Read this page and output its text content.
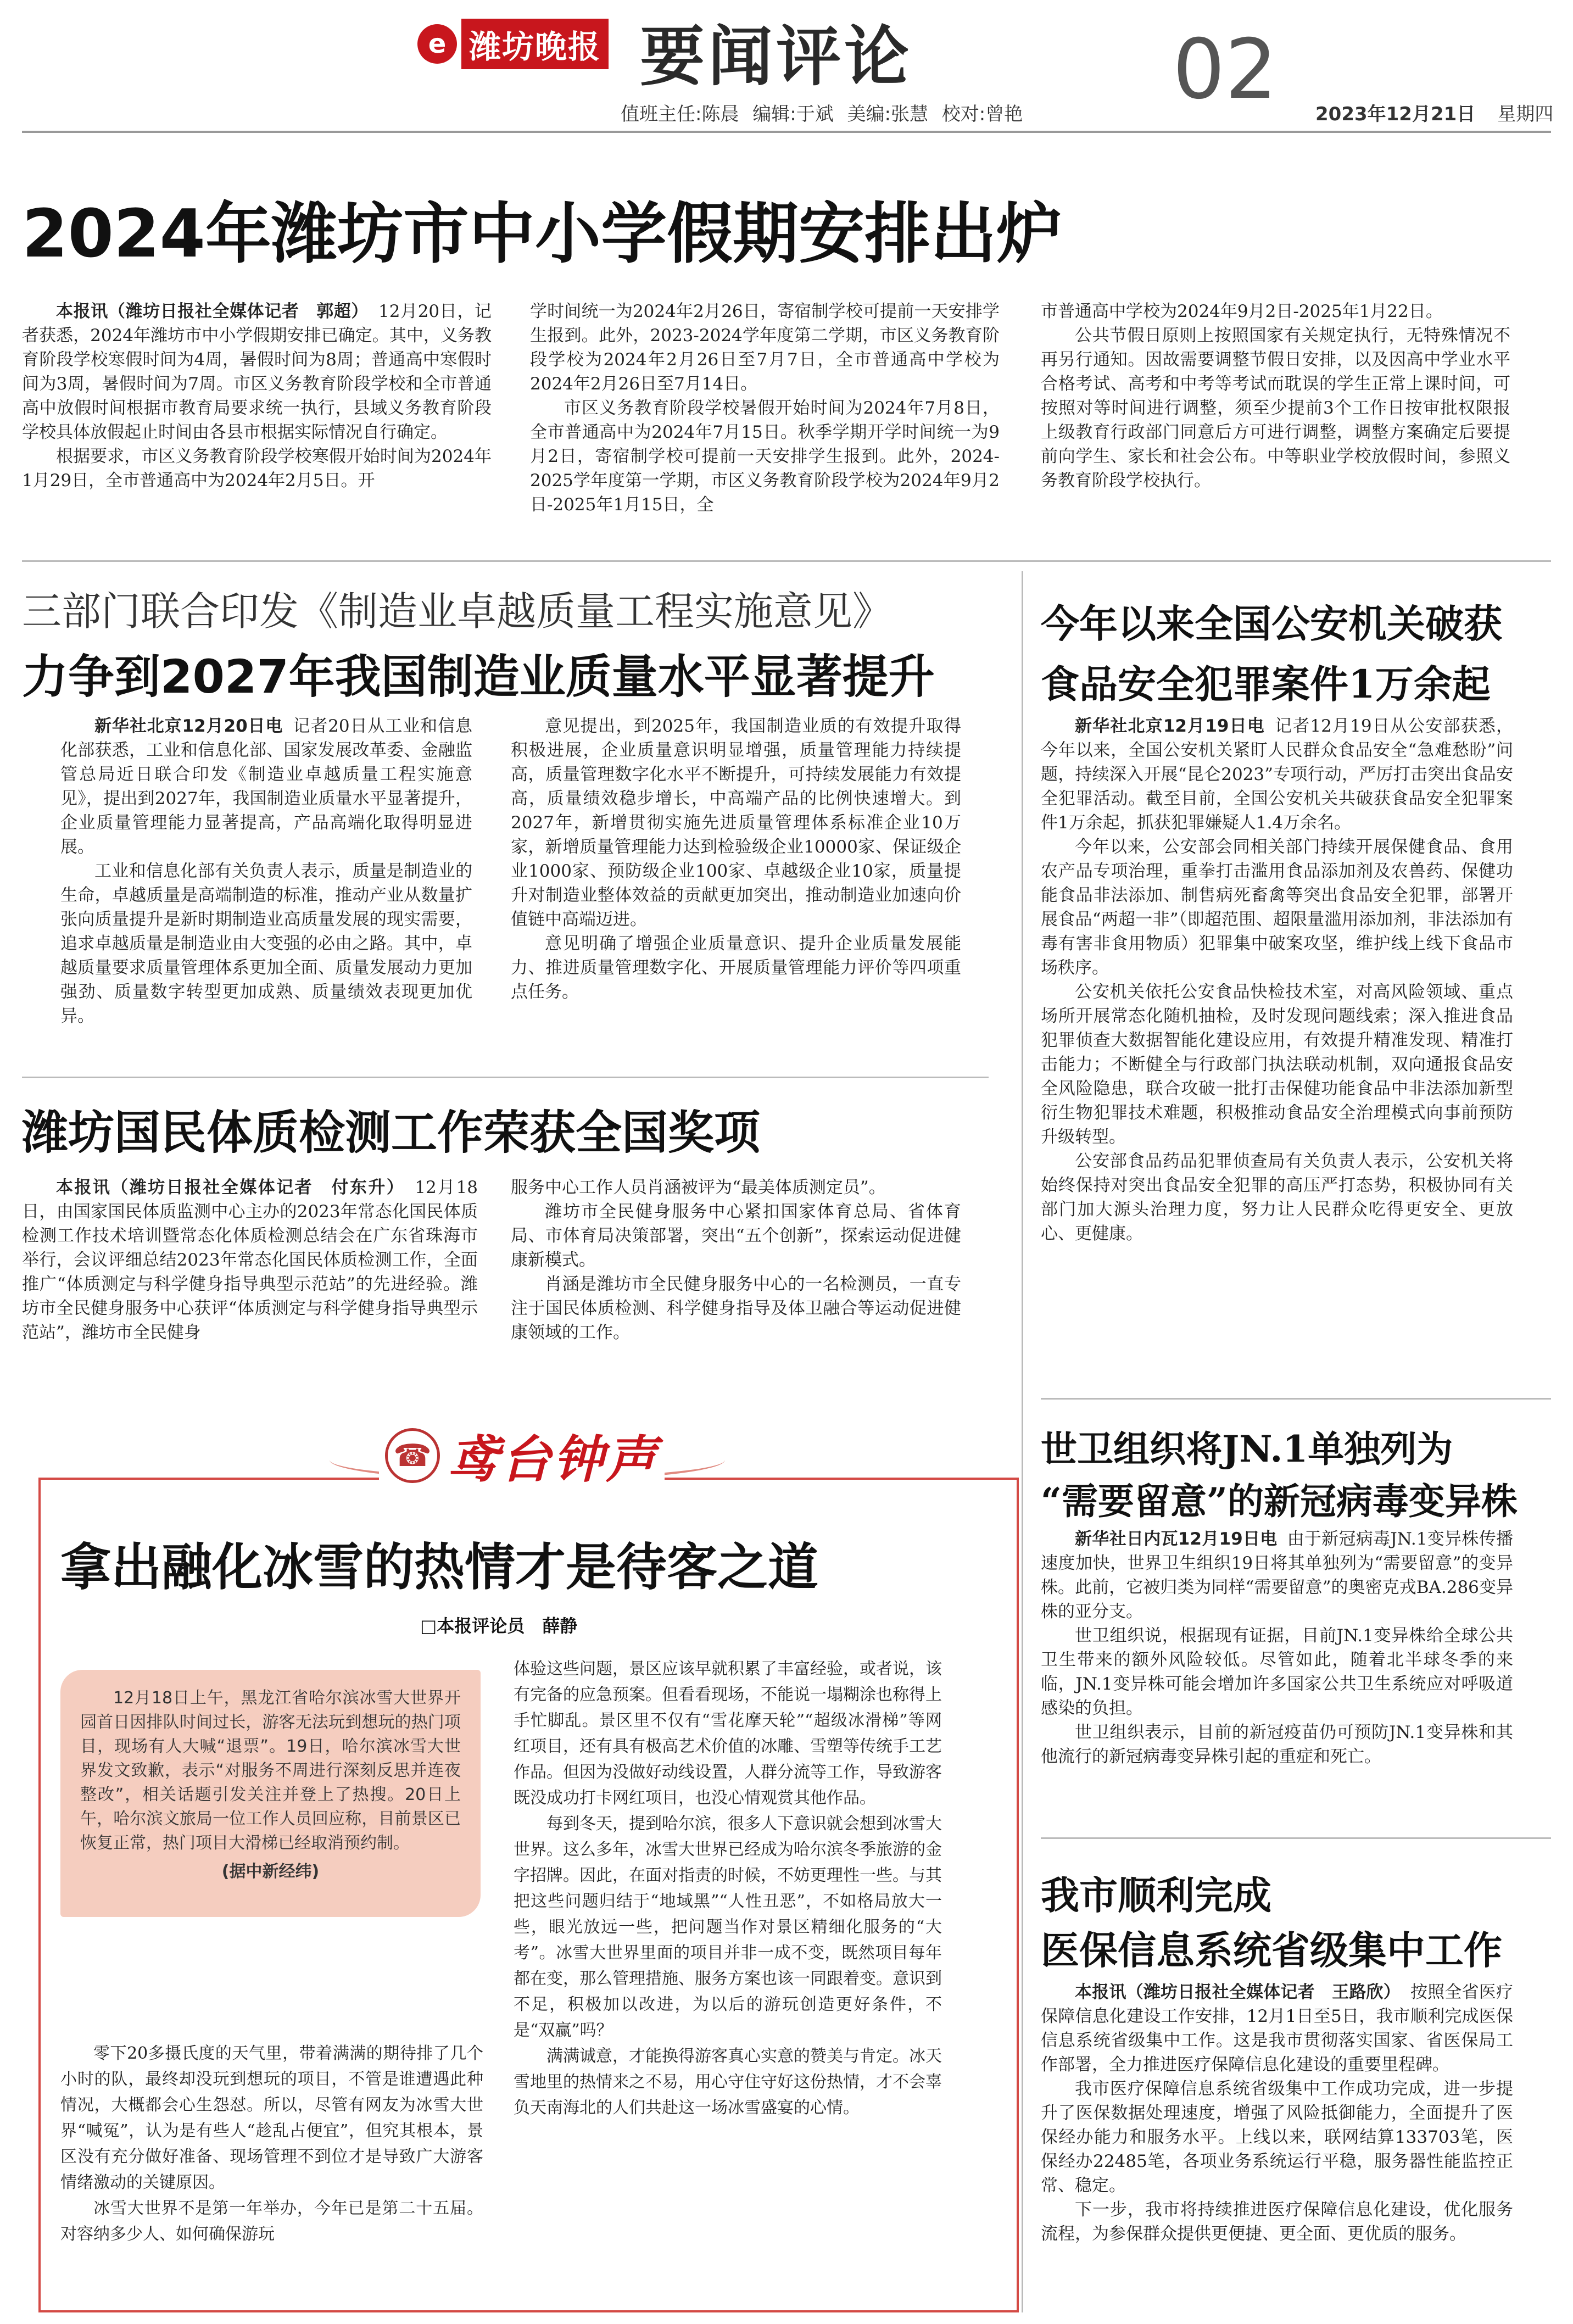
e 潍坊晚报 要闻评论	02
值班主任:陈晨 编辑:于斌 美编:张慧 校对:曾艳	2023年12月21日 星期四
2024年潍坊市中小学假期安排出炉

本报讯（潍坊日报社全媒体记者　郭超） 12月20日，记者获悉，2024年潍坊市中小学假期安排已确定。其中，义务教育阶段学校寒假时间为4周，暑假时间为8周；普通高中寒假时间为3周，暑假时间为7周。市区义务教育阶段学校和全市普通高中放假时间根据市教育局要求统一执行，县域义务教育阶段学校具体放假起止时间由各县市根据实际情况自行确定。

根据要求，市区义务教育阶段学校寒假开始时间为2024年1月29日，全市普通高中为2024年2月5日。开

学时间统一为2024年2月26日，寄宿制学校可提前一天安排学生报到。此外，2023-2024学年度第二学期，市区义务教育阶段学校为2024年2月26日至7月7日，全市普通高中学校为2024年2月26日至7月14日。

市区义务教育阶段学校暑假开始时间为2024年7月8日，全市普通高中为2024年7月15日。秋季学期开学时间统一为9月2日，寄宿制学校可提前一天安排学生报到。此外，2024-2025学年度第一学期，市区义务教育阶段学校为2024年9月2日-2025年1月15日，全

市普通高中学校为2024年9月2日-2025年1月22日。

公共节假日原则上按照国家有关规定执行，无特殊情况不再另行通知。因故需要调整节假日安排，以及因高中学业水平合格考试、高考和中考等考试而耽误的学生正常上课时间，可按照对等时间进行调整，须至少提前3个工作日按审批权限报上级教育行政部门同意后方可进行调整，调整方案确定后要提前向学生、家长和社会公布。中等职业学校放假时间，参照义务教育阶段学校执行。

三部门联合印发《制造业卓越质量工程实施意见》
力争到2027年我国制造业质量水平显著提升

新华社北京12月20日电 记者20日从工业和信息化部获悉，工业和信息化部、国家发展改革委、金融监管总局近日联合印发《制造业卓越质量工程实施意见》，提出到2027年，我国制造业质量水平显著提升，企业质量管理能力显著提高，产品高端化取得明显进展。

工业和信息化部有关负责人表示，质量是制造业的生命，卓越质量是高端制造的标准，推动产业从数量扩张向质量提升是新时期制造业高质量发展的现实需要，追求卓越质量是制造业由大变强的必由之路。其中，卓越质量要求质量管理体系更加全面、质量发展动力更加强劲、质量数字转型更加成熟、质量绩效表现更加优异。

意见提出，到2025年，我国制造业质的有效提升取得积极进展，企业质量意识明显增强，质量管理能力持续提高，质量管理数字化水平不断提升，可持续发展能力有效提高，质量绩效稳步增长，中高端产品的比例快速增大。到2027年，新增贯彻实施先进质量管理体系标准企业10万家，新增质量管理能力达到检验级企业10000家、保证级企业1000家、预防级企业100家、卓越级企业10家，质量提升对制造业整体效益的贡献更加突出，推动制造业加速向价值链中高端迈进。

意见明确了增强企业质量意识、提升企业质量发展能力、推进质量管理数字化、开展质量管理能力评价等四项重点任务。

潍坊国民体质检测工作荣获全国奖项

本报讯（潍坊日报社全媒体记者　付东升） 12月18日，由国家国民体质监测中心主办的2023年常态化国民体质检测工作技术培训暨常态化体质检测总结会在广东省珠海市举行，会议评细总结2023年常态化国民体质检测工作，全面推广“体质测定与科学健身指导典型示范站”的先进经验。潍坊市全民健身服务中心获评“体质测定与科学健身指导典型示范站”，潍坊市全民健身

服务中心工作人员肖涵被评为“最美体质测定员”。

潍坊市全民健身服务中心紧扣国家体育总局、省体育局、市体育局决策部署，突出“五个创新”，探索运动促进健康新模式。

肖涵是潍坊市全民健身服务中心的一名检测员，一直专注于国民体质检测、科学健身指导及体卫融合等运动促进健康领域的工作。

今年以来全国公安机关破获
食品安全犯罪案件1万余起

新华社北京12月19日电 记者12月19日从公安部获悉，今年以来，全国公安机关紧盯人民群众食品安全“急难愁盼”问题，持续深入开展“昆仑2023”专项行动，严厉打击突出食品安全犯罪活动。截至目前，全国公安机关共破获食品安全犯罪案件1万余起，抓获犯罪嫌疑人1.4万余名。

今年以来，公安部会同相关部门持续开展保健食品、食用农产品专项治理，重拳打击滥用食品添加剂及农兽药、保健功能食品非法添加、制售病死畜禽等突出食品安全犯罪，部署开展食品“两超一非”（即超范围、超限量滥用添加剂，非法添加有毒有害非食用物质）犯罪集中破案攻坚，维护线上线下食品市场秩序。

公安机关依托公安食品快检技术室，对高风险领域、重点场所开展常态化随机抽检，及时发现问题线索；深入推进食品犯罪侦查大数据智能化建设应用，有效提升精准发现、精准打击能力；不断健全与行政部门执法联动机制，双向通报食品安全风险隐患，联合攻破一批打击保健功能食品中非法添加新型衍生物犯罪技术难题，积极推动食品安全治理模式向事前预防升级转型。

公安部食品药品犯罪侦查局有关负责人表示，公安机关将始终保持对突出食品安全犯罪的高压严打态势，积极协同有关部门加大源头治理力度，努力让人民群众吃得更安全、更放心、更健康。

世卫组织将JN.1单独列为
“需要留意”的新冠病毒变异株

新华社日内瓦12月19日电 由于新冠病毒JN.1变异株传播速度加快，世界卫生组织19日将其单独列为“需要留意”的变异株。此前，它被归类为同样“需要留意”的奥密克戎BA.286变异株的亚分支。

世卫组织说，根据现有证据，目前JN.1变异株给全球公共卫生带来的额外风险较低。尽管如此，随着北半球冬季的来临，JN.1变异株可能会增加许多国家公共卫生系统应对呼吸道感染的负担。

世卫组织表示，目前的新冠疫苗仍可预防JN.1变异株和其他流行的新冠病毒变异株引起的重症和死亡。

我市顺利完成
医保信息系统省级集中工作

本报讯（潍坊日报社全媒体记者　王路欣） 按照全省医疗保障信息化建设工作安排，12月1日至5日，我市顺利完成医保信息系统省级集中工作。这是我市贯彻落实国家、省医保局工作部署，全力推进医疗保障信息化建设的重要里程碑。

我市医疗保障信息系统省级集中工作成功完成，进一步提升了医保数据处理速度，增强了风险抵御能力，全面提升了医保经办能力和服务水平。上线以来，联网结算133703笔，医保经办22485笔，各项业务系统运行平稳，服务器性能监控正常、稳定。

下一步，我市将持续推进医疗保障信息化建设，优化服务流程，为参保群众提供更便捷、更全面、更优质的服务。

☎ 鸢台钟声
拿出融化冰雪的热情才是待客之道
□本报评论员　薛静

12月18日上午，黑龙江省哈尔滨冰雪大世界开园首日因排队时间过长，游客无法玩到想玩的热门项目，现场有人大喊“退票”。19日，哈尔滨冰雪大世界发文致歉，表示“对服务不周进行深刻反思并连夜整改”，相关话题引发关注并登上了热搜。20日上午，哈尔滨文旅局一位工作人员回应称，目前景区已恢复正常，热门项目大滑梯已经取消预约制。

(据中新经纬)

零下20多摄氏度的天气里，带着满满的期待排了几个小时的队，最终却没玩到想玩的项目，不管是谁遭遇此种情况，大概都会心生怨怼。所以，尽管有网友为冰雪大世界“喊冤”，认为是有些人“趁乱占便宜”，但究其根本，景区没有充分做好准备、现场管理不到位才是导致广大游客情绪激动的关键原因。

冰雪大世界不是第一年举办，今年已是第二十五届。对容纳多少人、如何确保游玩

体验这些问题，景区应该早就积累了丰富经验，或者说，该有完备的应急预案。但看看现场，不能说一塌糊涂也称得上手忙脚乱。景区里不仅有“雪花摩天轮”“超级冰滑梯”等网红项目，还有具有极高艺术价值的冰雕、雪塑等传统手工艺作品。但因为没做好动线设置，人群分流等工作，导致游客既没成功打卡网红项目，也没心情观赏其他作品。

每到冬天，提到哈尔滨，很多人下意识就会想到冰雪大世界。这么多年，冰雪大世界已经成为哈尔滨冬季旅游的金字招牌。因此，在面对指责的时候，不妨更理性一些。与其把这些问题归结于“地域黑”“人性丑恶”，不如格局放大一些，眼光放远一些，把问题当作对景区精细化服务的“大考”。冰雪大世界里面的项目并非一成不变，既然项目每年都在变，那么管理措施、服务方案也该一同跟着变。意识到不足，积极加以改进，为以后的游玩创造更好条件，不是“双赢”吗？

满满诚意，才能换得游客真心实意的赞美与肯定。冰天雪地里的热情来之不易，用心守住守好这份热情，才不会辜负天南海北的人们共赴这一场冰雪盛宴的心情。
